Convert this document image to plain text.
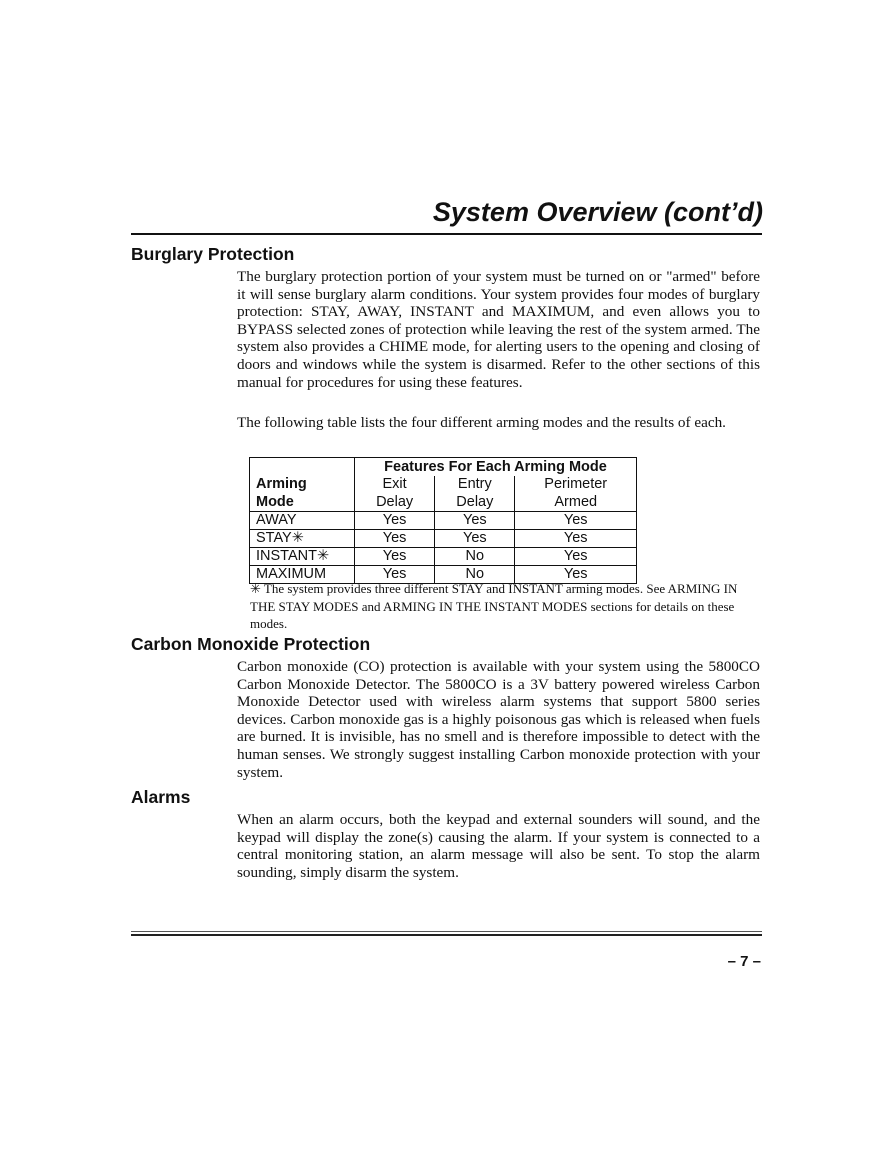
System Overview (cont’d)
Burglary Protection

The burglary protection portion of your system must be turned on or "armed" before it will sense burglary alarm conditions. Your system provides four modes of burglary protection: STAY, AWAY, INSTANT and MAXIMUM, and even allows you to BYPASS selected zones of protection while leaving the rest of the system armed. The system also provides a CHIME mode, for alerting users to the opening and closing of doors and windows while the system is disarmed. Refer to the other sections of this manual for procedures for using these features.

The following table lists the four different arming modes and the results of each.

	Features For Each Arming Mode		
Arming	Exit	Entry	Perimeter
Mode	Delay	Delay	Armed
AWAY	Yes	Yes	Yes
STAY✳	Yes	Yes	Yes
INSTANT✳	Yes	No	Yes
MAXIMUM	Yes	No	Yes

✳ The system provides three different STAY and INSTANT arming modes. See ARMING IN THE STAY MODES and ARMING IN THE INSTANT MODES sections for details on these modes.

Carbon Monoxide Protection

Carbon monoxide (CO) protection is available with your system using the 5800CO Carbon Monoxide Detector. The 5800CO is a 3V battery powered wireless Carbon Monoxide Detector used with wireless alarm systems that support 5800 series devices. Carbon monoxide gas is a highly poisonous gas which is released when fuels are burned. It is invisible, has no smell and is therefore impossible to detect with the human senses. We strongly suggest installing Carbon monoxide protection with your system.

Alarms

When an alarm occurs, both the keypad and external sounders will sound, and the keypad will display the zone(s) causing the alarm. If your system is connected to a central monitoring station, an alarm message will also be sent. To stop the alarm sounding, simply disarm the system.

– 7 –
